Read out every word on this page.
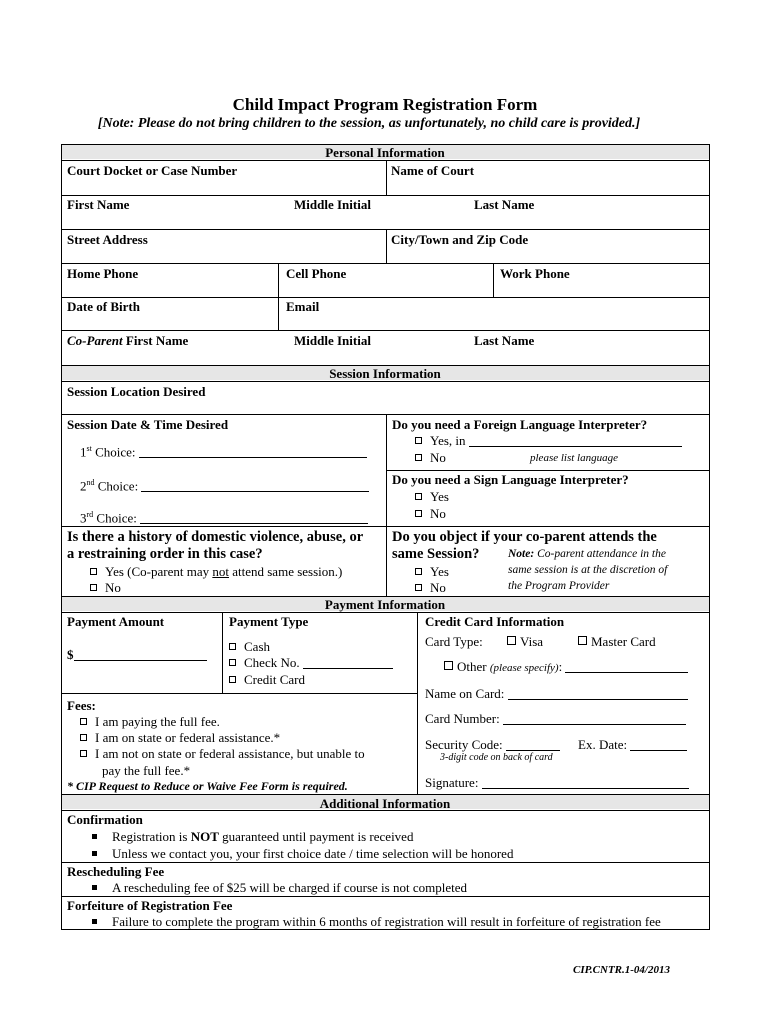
Child Impact Program Registration Form
[Note: Please do not bring children to the session, as unfortunately, no child care is provided.]
Personal Information
Court Docket or Case Number	Name of Court
First Name	Middle Initial	Last Name
Street Address	City/Town and Zip Code
Home Phone	Cell Phone	Work Phone
Date of Birth	Email
Co-Parent First Name	Middle Initial	Last Name
Session Information
Session Location Desired
Session Date & Time Desired
1st Choice:
2nd Choice:
3rd Choice:
Do you need a Foreign Language Interpreter?
Yes, in
No	please list language
Do you need a Sign Language Interpreter?
Yes
No
Is there a history of domestic violence, abuse, or
a restraining order in this case?
Yes (Co-parent may not attend same session.)
No
Do you object if your co-parent attends the
same Session?
Yes
No
Note: Co-parent attendance in the
same session is at the discretion of
the Program Provider
Payment Information
Payment Amount
$
Payment Type
Cash
Check No.
Credit Card
Credit Card Information
Card Type:	Visa	Master Card
Other (please specify):
Name on Card:
Card Number:
Security Code:	Ex. Date:
3-digit code on back of card
Signature:
Fees:
I am paying the full fee.
I am on state or federal assistance.*
I am not on state or federal assistance, but unable to
pay the full fee.*
* CIP Request to Reduce or Waive Fee Form is required.
Additional Information
Confirmation
Registration is NOT guaranteed until payment is received
Unless we contact you, your first choice date / time selection will be honored
Rescheduling Fee
A rescheduling fee of $25 will be charged if course is not completed
Forfeiture of Registration Fee
Failure to complete the program within 6 months of registration will result in forfeiture of registration fee
CIP.CNTR.1-04/2013
